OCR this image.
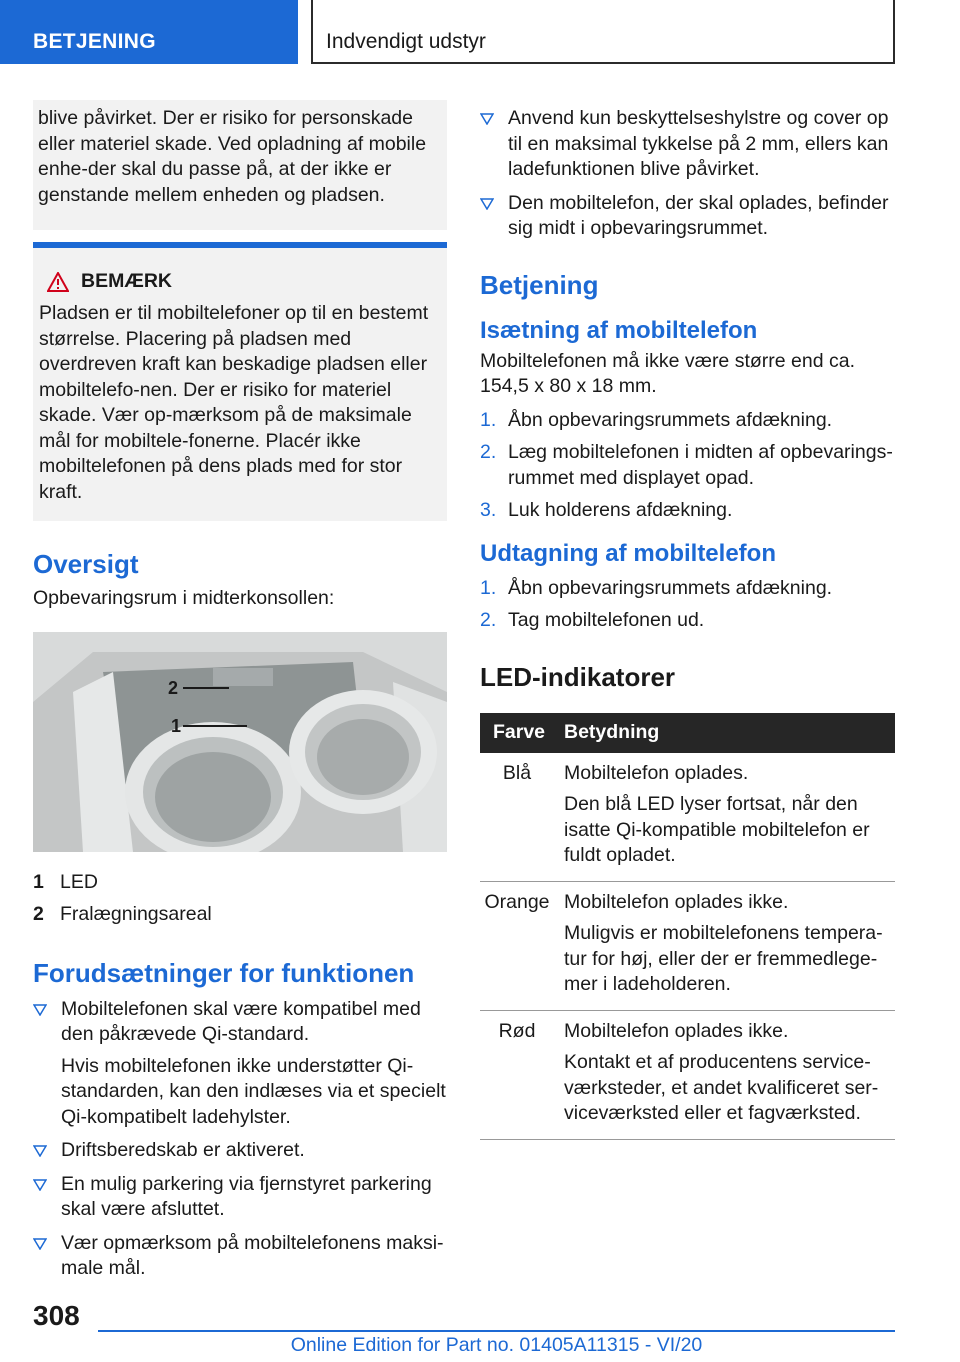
BETJENING	Indvendigt udstyr

blive påvirket. Der er risiko for personskade eller materiel skade. Ved opladning af mobile enhe‐der skal du passe på, at der ikke er genstande mellem enheden og pladsen.

BEMÆRK

Pladsen er til mobiltelefoner op til en bestemt størrelse. Placering på pladsen med overdreven kraft kan beskadige pladsen eller mobiltelefo‐nen. Der er risiko for materiel skade. Vær op‐mærksom på de maksimale mål for mobiltele‐fonerne. Placér ikke mobiltelefonen på dens plads med for stor kraft.

Oversigt

Opbevaringsrum i midterkonsollen:

2
1
1 LED
2 Fralægningsareal
Forudsætninger for funktionen
Mobiltelefonen skal være kompatibel med den påkrævede Qi-standard.
Hvis mobiltelefonen ikke understøtter Qi-standarden, kan den indlæses via et specielt Qi-kompatibelt ladehylster.
Driftsberedskab er aktiveret.
En mulig parkering via fjernstyret parkering skal være afsluttet.
Vær opmærksom på mobiltelefonens maksi‐male mål.
Anvend kun beskyttelseshylstre og cover op til en maksimal tykkelse på 2 mm, ellers kan ladefunktionen blive påvirket.
Den mobiltelefon, der skal oplades, befinder sig midt i opbevaringsrummet.
Betjening
Isætning af mobiltelefon

Mobiltelefonen må ikke være større end ca. 154,5 x 80 x 18 mm.

1. Åbn opbevaringsrummets afdækning.
2. Læg mobiltelefonen i midten af opbevarings‐rummet med displayet opad.
3. Luk holderens afdækning.
Udtagning af mobiltelefon
1. Åbn opbevaringsrummets afdækning.
2. Tag mobiltelefonen ud.
LED-indikatorer
Farve	Betydning
Blå	Mobiltelefon oplades.
Den blå LED lyser fortsat, når den isatte Qi-kompatible mobiltelefon er fuldt opladet.

Orange	Mobiltelefon oplades ikke.
Muligvis er mobiltelefonens tempera‐tur for høj, eller der er fremmedlege‐mer i ladeholderen.

Rød	Mobiltelefon oplades ikke.
Kontakt et af producentens service‐værksteder, et andet kvalificeret ser‐viceværksted eller et fagværksted.
308
Online Edition for Part no. 01405A11315 - VI/20
